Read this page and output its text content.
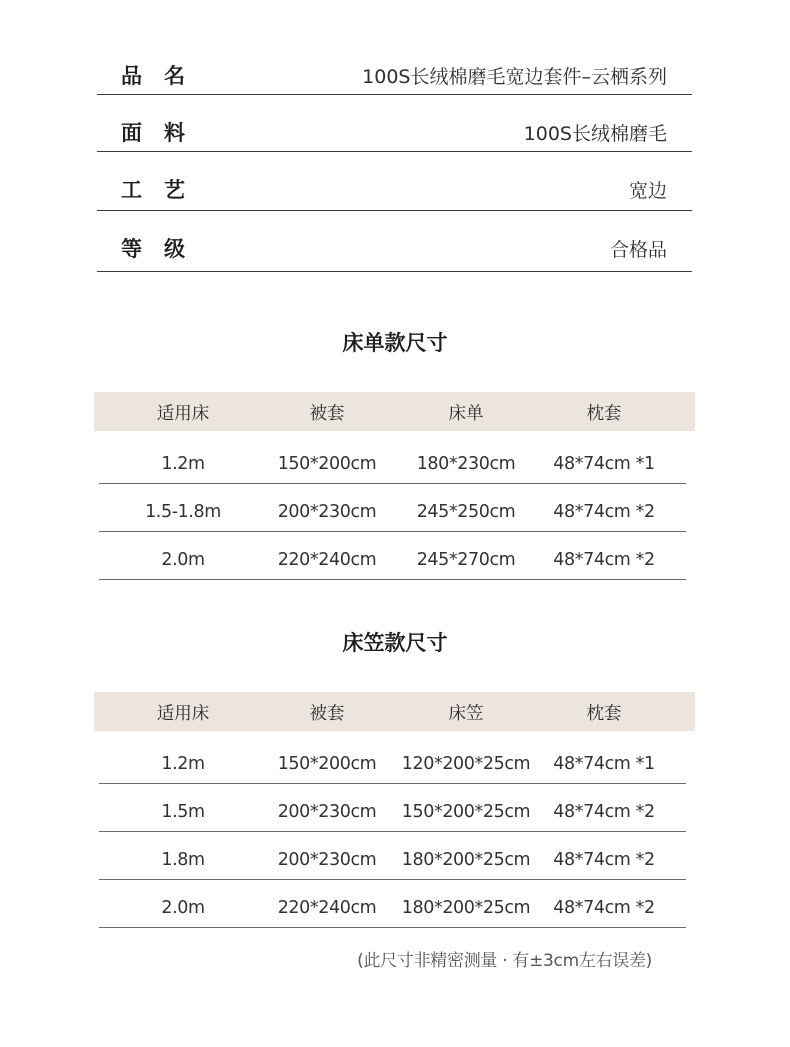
品名	100S长绒棉磨毛宽边套件–云栖系列
面料	100S长绒棉磨毛
工艺	宽边
等级	合格品
床单款尺寸
适用床	被套	床单	枕套
1.2m	150*200cm	180*230cm	48*74cm *1
1.5-1.8m	200*230cm	245*250cm	48*74cm *2
2.0m	220*240cm	245*270cm	48*74cm *2
床笠款尺寸
适用床	被套	床笠	枕套
1.2m	150*200cm	120*200*25cm	48*74cm *1
1.5m	200*230cm	150*200*25cm	48*74cm *2
1.8m	200*230cm	180*200*25cm	48*74cm *2
2.0m	220*240cm	180*200*25cm	48*74cm *2
(此尺寸非精密测量 · 有±3cm左右误差)
